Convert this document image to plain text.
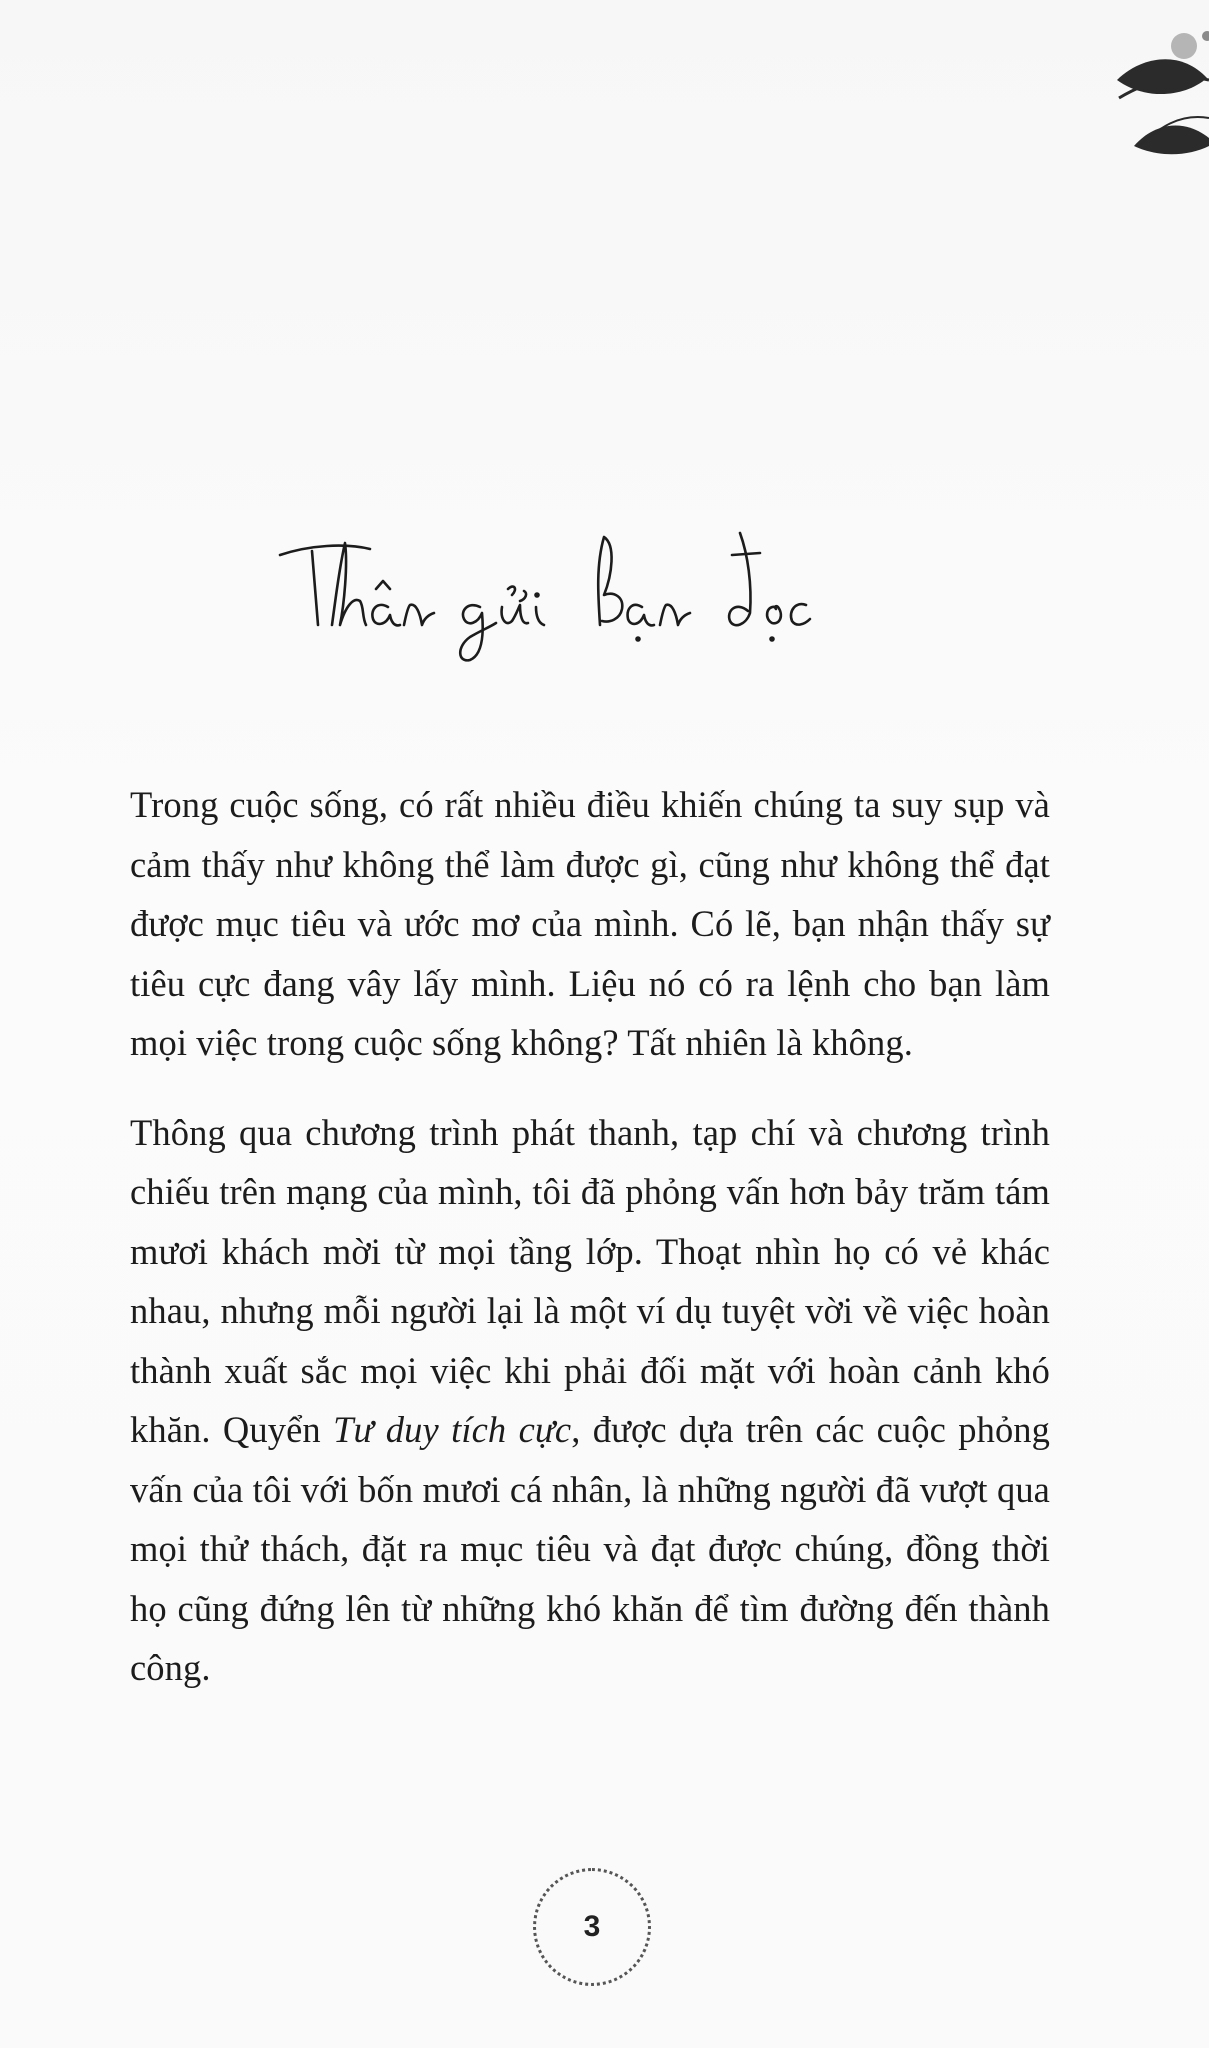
Trong cuộc sống, có rất nhiều điều khiến chúng ta suy sụp và cảm thấy như không thể làm được gì, cũng như không thể đạt được mục tiêu và ước mơ của mình. Có lẽ, bạn nhận thấy sự tiêu cực đang vây lấy mình. Liệu nó có ra lệnh cho bạn làm mọi việc trong cuộc sống không? Tất nhiên là không.

Thông qua chương trình phát thanh, tạp chí và chương trình chiếu trên mạng của mình, tôi đã phỏng vấn hơn bảy trăm tám mươi khách mời từ mọi tầng lớp. Thoạt nhìn họ có vẻ khác nhau, nhưng mỗi người lại là một ví dụ tuyệt vời về việc hoàn thành xuất sắc mọi việc khi phải đối mặt với hoàn cảnh khó khăn. Quyển Tư duy tích cực, được dựa trên các cuộc phỏng vấn của tôi với bốn mươi cá nhân, là những người đã vượt qua mọi thử thách, đặt ra mục tiêu và đạt được chúng, đồng thời họ cũng đứng lên từ những khó khăn để tìm đường đến thành công.

3
